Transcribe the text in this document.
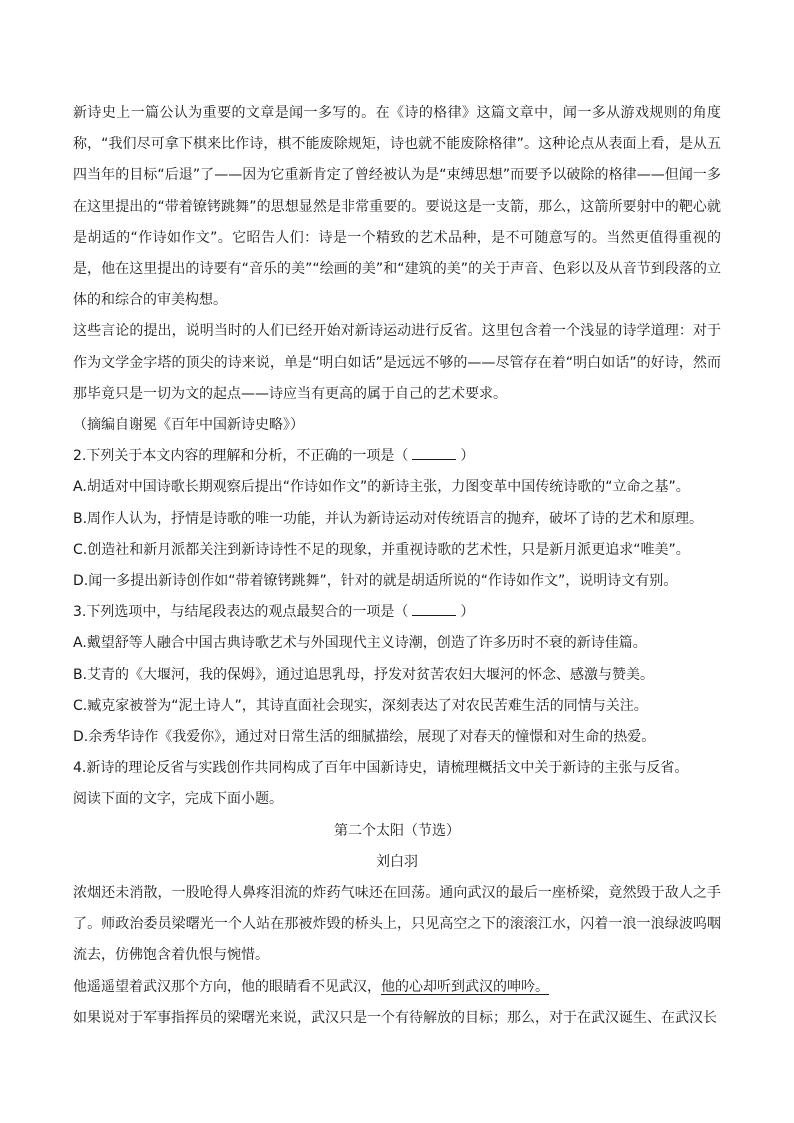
新诗史上一篇公认为重要的文章是闻一多写的。在《诗的格律》这篇文章中，闻一多从游戏规则的角度称，“我们尽可拿下棋来比作诗，棋不能废除规矩，诗也就不能废除格律”。这种论点从表面上看，是从五四当年的目标“后退”了——因为它重新肯定了曾经被认为是“束缚思想”而要予以破除的格律——但闻一多在这里提出的“带着镣铐跳舞”的思想显然是非常重要的。要说这是一支箭，那么，这箭所要射中的靶心就是胡适的“作诗如作文”。它昭告人们：诗是一个精致的艺术品种，是不可随意写的。当然更值得重视的是，他在这里提出的诗要有“音乐的美”“绘画的美”和“建筑的美”的关于声音、色彩以及从音节到段落的立体的和综合的审美构想。

这些言论的提出，说明当时的人们已经开始对新诗运动进行反省。这里包含着一个浅显的诗学道理：对于作为文学金字塔的顶尖的诗来说，单是“明白如话”是远远不够的——尽管存在着“明白如话”的好诗，然而那毕竟只是一切为文的起点——诗应当有更高的属于自己的艺术要求。

（摘编自谢冕《百年中国新诗史略》）

2.下列关于本文内容的理解和分析，不正确的一项是（	）

A.胡适对中国诗歌长期观察后提出“作诗如作文”的新诗主张，力图变革中国传统诗歌的“立命之基”。

B.周作人认为，抒情是诗歌的唯一功能，并认为新诗运动对传统语言的抛弃，破坏了诗的艺术和原理。

C.创造社和新月派都关注到新诗诗性不足的现象，并重视诗歌的艺术性，只是新月派更追求“唯美”。

D.闻一多提出新诗创作如“带着镣铐跳舞”，针对的就是胡适所说的“作诗如作文”，说明诗文有别。

3.下列选项中，与结尾段表达的观点最契合的一项是（	）

A.戴望舒等人融合中国古典诗歌艺术与外国现代主义诗潮，创造了许多历时不衰的新诗佳篇。

B.艾青的《大堰河，我的保姆》，通过追思乳母，抒发对贫苦农妇大堰河的怀念、感激与赞美。

C.臧克家被誉为“泥土诗人”，其诗直面社会现实，深刻表达了对农民苦难生活的同情与关注。

D.余秀华诗作《我爱你》，通过对日常生活的细腻描绘，展现了对春天的憧憬和对生命的热爱。

4.新诗的理论反省与实践创作共同构成了百年中国新诗史，请梳理概括文中关于新诗的主张与反省。

阅读下面的文字，完成下面小题。

第二个太阳（节选）

刘白羽

浓烟还未消散，一股呛得人鼻疼泪流的炸药气味还在回荡。通向武汉的最后一座桥梁，竟然毁于敌人之手了。师政治委员梁曙光一个人站在那被炸毁的桥头上，只见高空之下的滚滚江水，闪着一浪一浪绿波呜咽流去，仿佛饱含着仇恨与惋惜。

他遥遥望着武汉那个方向，他的眼睛看不见武汉，他的心却听到武汉的呻吟。

如果说对于军事指挥员的梁曙光来说，武汉只是一个有待解放的目标；那么，对于在武汉诞生、在武汉长
